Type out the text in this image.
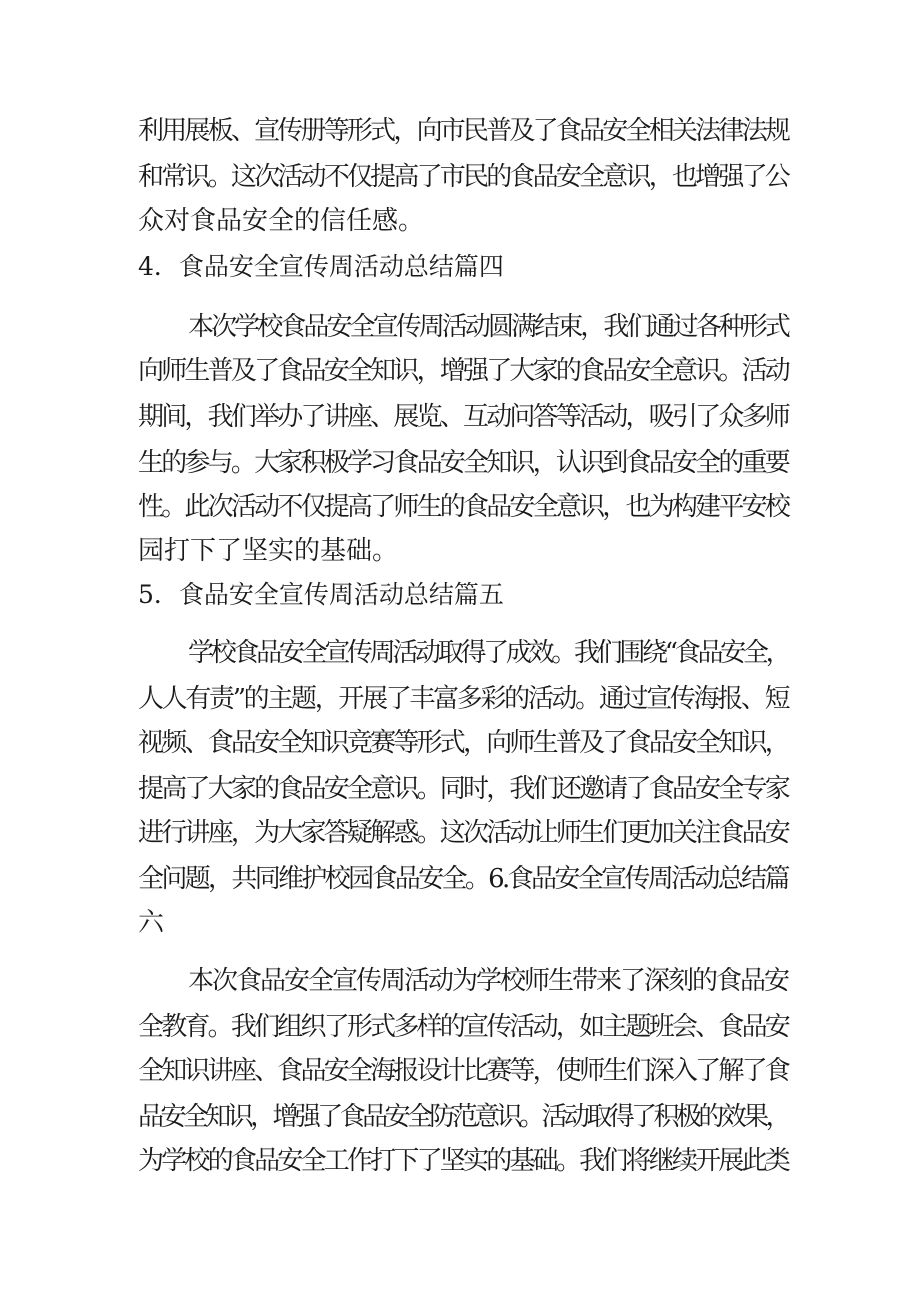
利用展板、宣传册等形式，向市民普及了食品安全相关法律法规
和常识。这次活动不仅提高了市民的食品安全意识，也增强了公
众对食品安全的信任感。
4．食品安全宣传周活动总结篇四
本次学校食品安全宣传周活动圆满结束，我们通过各种形式
向师生普及了食品安全知识，增强了大家的食品安全意识。活动
期间，我们举办了讲座、展览、互动问答等活动，吸引了众多师
生的参与。大家积极学习食品安全知识，认识到食品安全的重要
性。此次活动不仅提高了师生的食品安全意识，也为构建平安校
园打下了坚实的基础。
5．食品安全宣传周活动总结篇五
学校食品安全宣传周活动取得了成效。我们围绕“食品安全，
人人有责”的主题，开展了丰富多彩的活动。通过宣传海报、短
视频、食品安全知识竞赛等形式，向师生普及了食品安全知识，
提高了大家的食品安全意识。同时，我们还邀请了食品安全专家
进行讲座，为大家答疑解惑。这次活动让师生们更加关注食品安
全问题，共同维护校园食品安全。6.食品安全宣传周活动总结篇
六
本次食品安全宣传周活动为学校师生带来了深刻的食品安
全教育。我们组织了形式多样的宣传活动，如主题班会、食品安
全知识讲座、食品安全海报设计比赛等，使师生们深入了解了食
品安全知识，增强了食品安全防范意识。活动取得了积极的效果，
为学校的食品安全工作打下了坚实的基础。我们将继续开展此类
